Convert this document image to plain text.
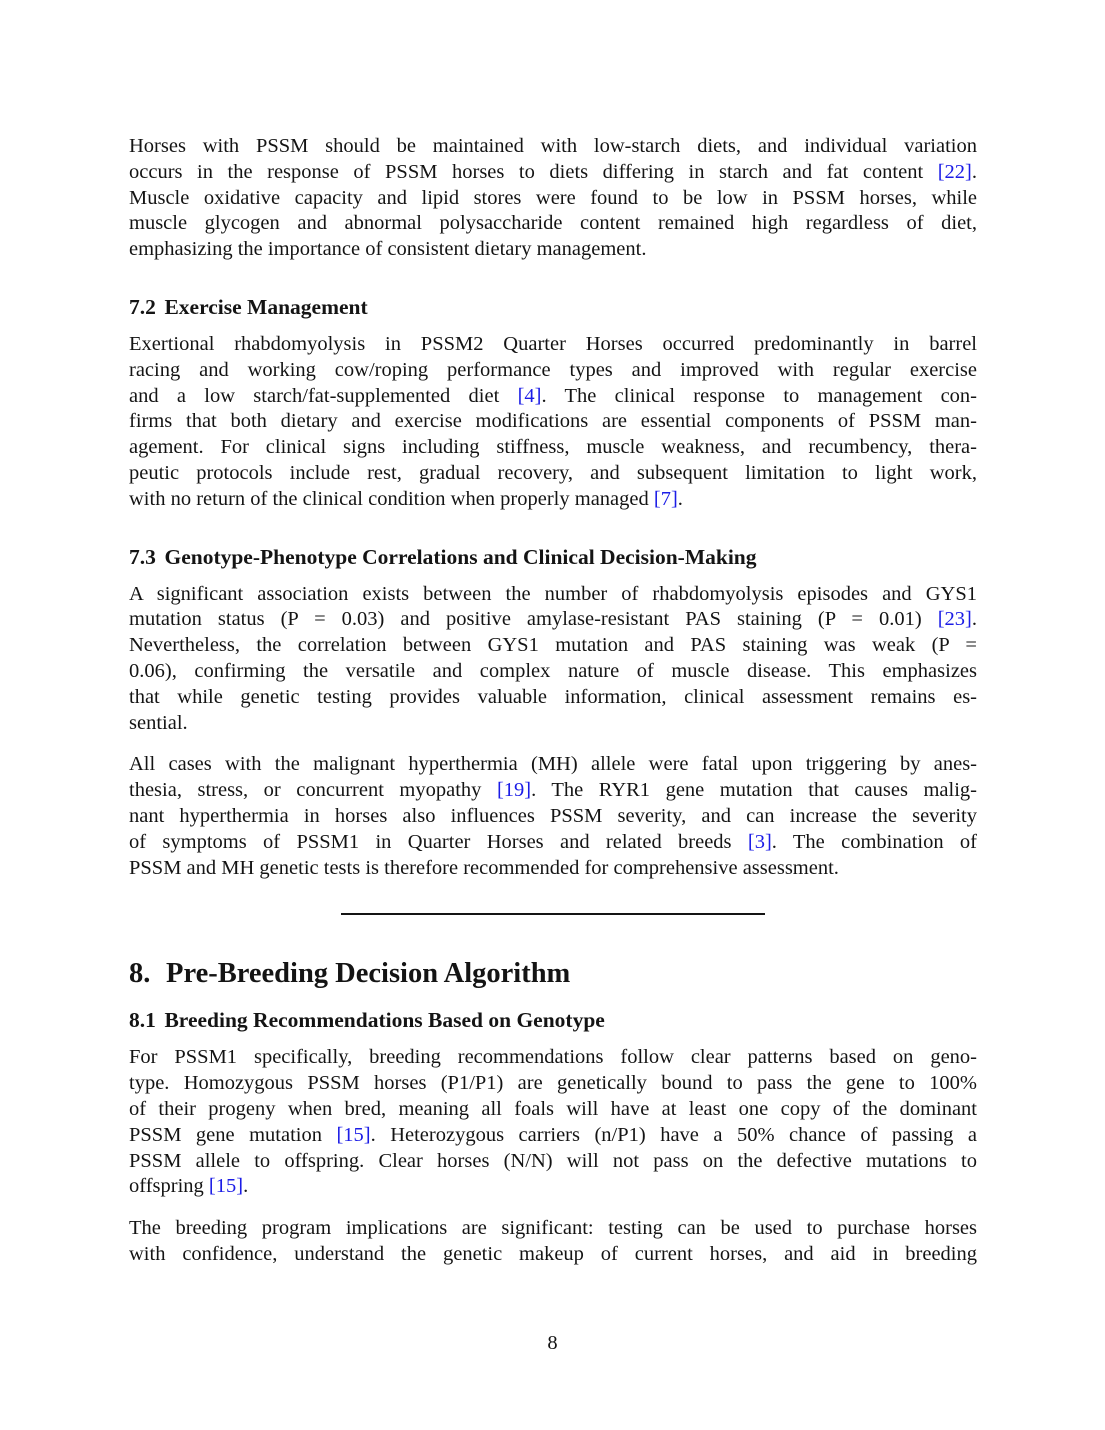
Horses with PSSM should be maintained with low-starch diets, and individual variation
occurs in the response of PSSM horses to diets differing in starch and fat content [22].
Muscle oxidative capacity and lipid stores were found to be low in PSSM horses, while
muscle glycogen and abnormal polysaccharide content remained high regardless of diet,
emphasizing the importance of consistent dietary management.
7.2 Exercise Management
Exertional rhabdomyolysis in PSSM2 Quarter Horses occurred predominantly in barrel
racing and working cow/roping performance types and improved with regular exercise
and a low starch/fat-supplemented diet [4]. The clinical response to management con-
firms that both dietary and exercise modifications are essential components of PSSM man-
agement. For clinical signs including stiffness, muscle weakness, and recumbency, thera-
peutic protocols include rest, gradual recovery, and subsequent limitation to light work,
with no return of the clinical condition when properly managed [7].
7.3 Genotype-Phenotype Correlations and Clinical Decision-Making
A significant association exists between the number of rhabdomyolysis episodes and GYS1
mutation status (P = 0.03) and positive amylase-resistant PAS staining (P = 0.01) [23].
Nevertheless, the correlation between GYS1 mutation and PAS staining was weak (P =
0.06), confirming the versatile and complex nature of muscle disease. This emphasizes
that while genetic testing provides valuable information, clinical assessment remains es-
sential.
All cases with the malignant hyperthermia (MH) allele were fatal upon triggering by anes-
thesia, stress, or concurrent myopathy [19]. The RYR1 gene mutation that causes malig-
nant hyperthermia in horses also influences PSSM severity, and can increase the severity
of symptoms of PSSM1 in Quarter Horses and related breeds [3]. The combination of
PSSM and MH genetic tests is therefore recommended for comprehensive assessment.
8. Pre-Breeding Decision Algorithm
8.1 Breeding Recommendations Based on Genotype
For PSSM1 specifically, breeding recommendations follow clear patterns based on geno-
type. Homozygous PSSM horses (P1/P1) are genetically bound to pass the gene to 100%
of their progeny when bred, meaning all foals will have at least one copy of the dominant
PSSM gene mutation [15]. Heterozygous carriers (n/P1) have a 50% chance of passing a
PSSM allele to offspring. Clear horses (N/N) will not pass on the defective mutations to
offspring [15].
The breeding program implications are significant: testing can be used to purchase horses
with confidence, understand the genetic makeup of current horses, and aid in breeding
8
